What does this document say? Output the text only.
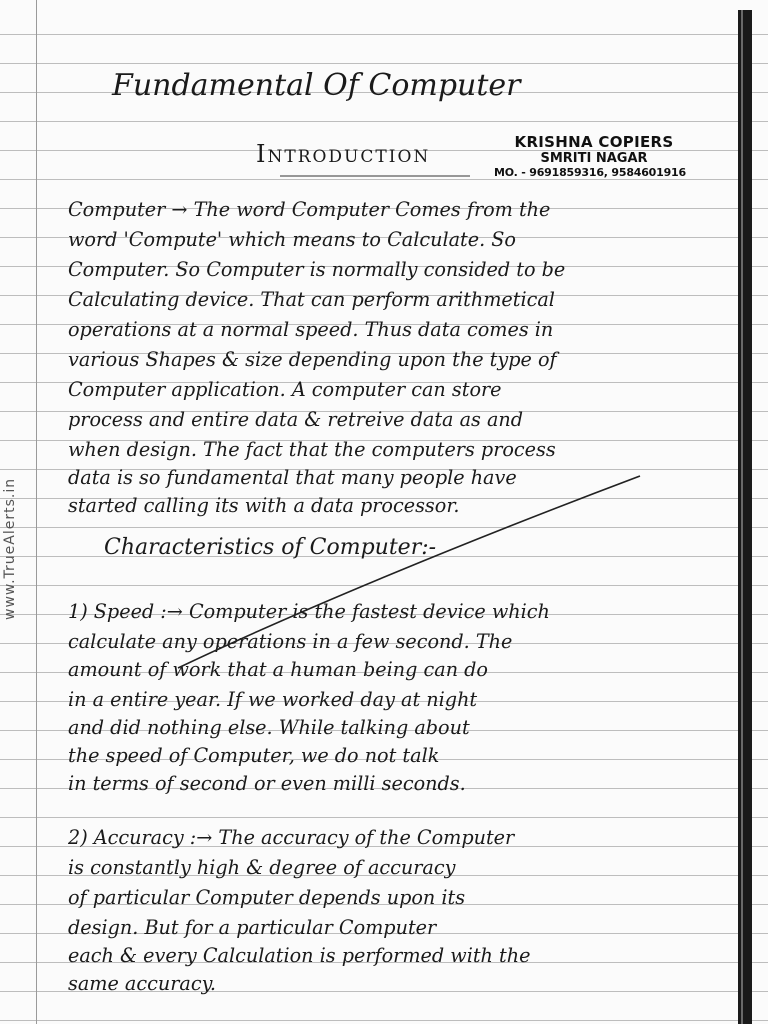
www.TrueAlerts.in
KRISHNA COPIERS
SMRITI NAGAR
MO. - 9691859316, 9584601916
Fundamental Of Computer
Introduction
Computer → The word Computer Comes from the
word 'Compute' which means to Calculate. So
Computer. So Computer is normally consided to be
Calculating device. That can perform arithmetical
operations at a normal speed. Thus data comes in
various Shapes & size depending upon the type of
Computer application. A computer can store
process and entire data & retreive data as and
when design. The fact that the computers process
data is so fundamental that many people have
started calling its with a data processor.
Characteristics of Computer:-
1) Speed :→ Computer is the fastest device which
calculate any operations in a few second. The
amount of work that a human being can do
in a entire year. If we worked day at night
and did nothing else. While talking about
the speed of Computer, we do not talk
in terms of second or even milli seconds.
2) Accuracy :→ The accuracy of the Computer
is constantly high & degree of accuracy
of particular Computer depends upon its
design. But for a particular Computer
each & every Calculation is performed with the
same accuracy.
